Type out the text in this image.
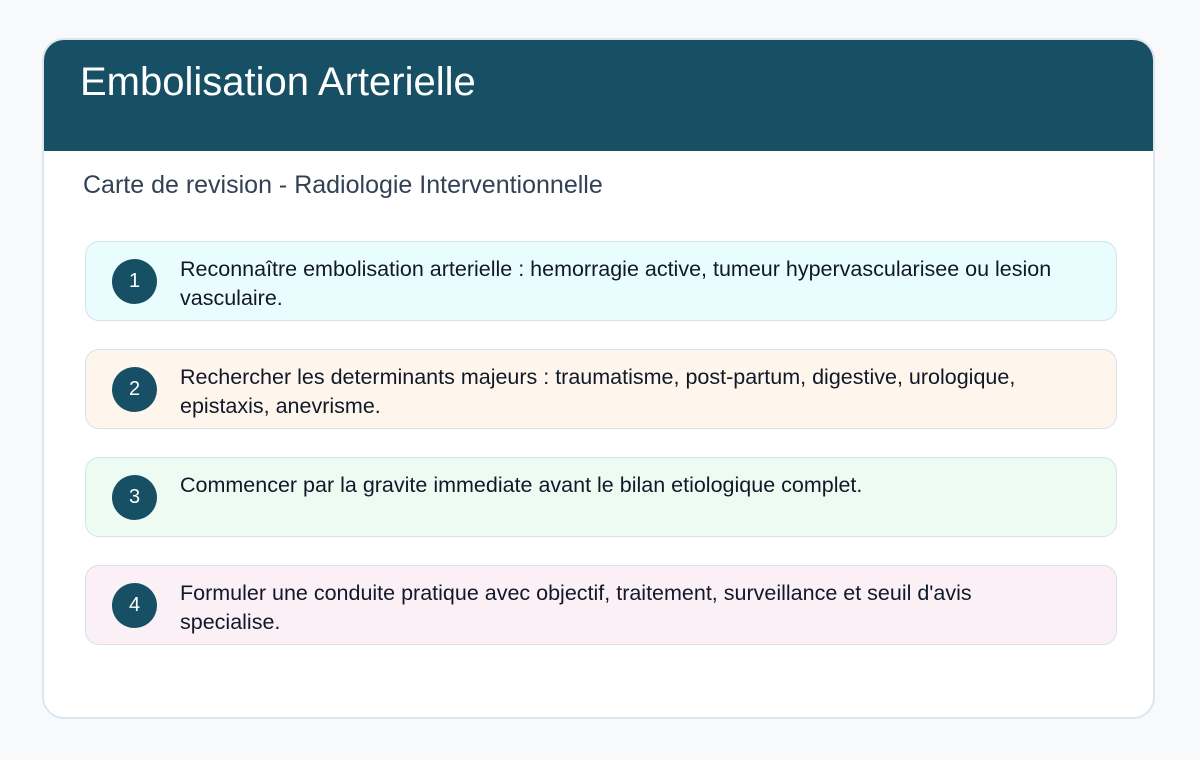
Embolisation Arterielle

Carte de revision - Radiologie Interventionnelle

1	Reconnaître embolisation arterielle : hemorragie active, tumeur hypervascularisee ou lesion vasculaire.

2	Rechercher les determinants majeurs : traumatisme, post-partum, digestive, urologique, epistaxis, anevrisme.

3	Commencer par la gravite immediate avant le bilan etiologique complet.

4	Formuler une conduite pratique avec objectif, traitement, surveillance et seuil d'avis specialise.
